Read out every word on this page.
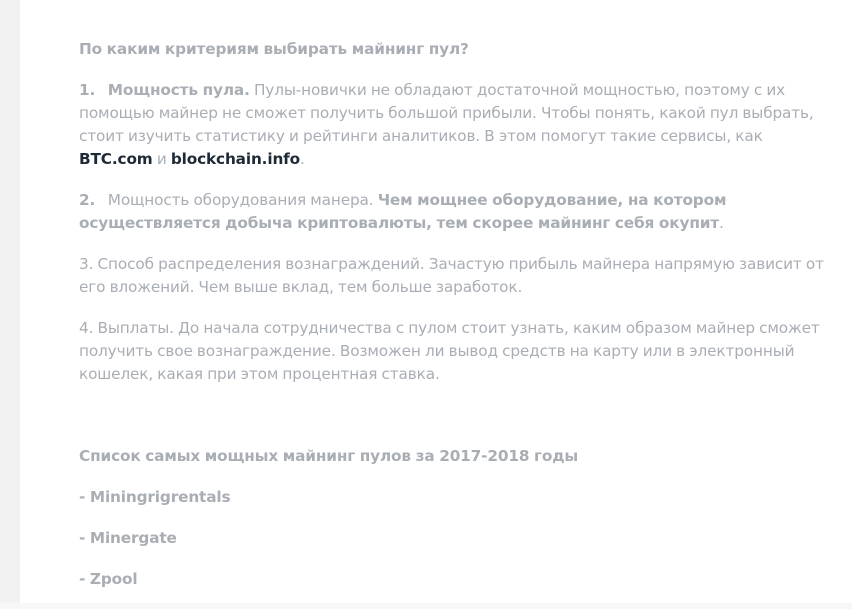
По каким критериям выбирать майнинг пул?
1. Мощность пула. Пулы-новички не обладают достаточной мощностью, поэтому с их помощью майнер не сможет получить большой прибыли. Чтобы понять, какой пул выбрать, стоит изучить статистику и рейтинги аналитиков. В этом помогут такие сервисы, как BTC.com и blockchain.info.
2. Мощность оборудования манера. Чем мощнее оборудование, на котором осуществляется добыча криптовалюты, тем скорее майнинг себя окупит.
3. Способ распределения вознаграждений. Зачастую прибыль майнера напрямую зависит от его вложений. Чем выше вклад, тем больше заработок.
4. Выплаты. До начала сотрудничества с пулом стоит узнать, каким образом майнер сможет получить свое вознаграждение. Возможен ли вывод средств на карту или в электронный кошелек, какая при этом процентная ставка.
Список самых мощных майнинг пулов за 2017-2018 годы
- Miningrigrentals
- Minergate
- Zpool
